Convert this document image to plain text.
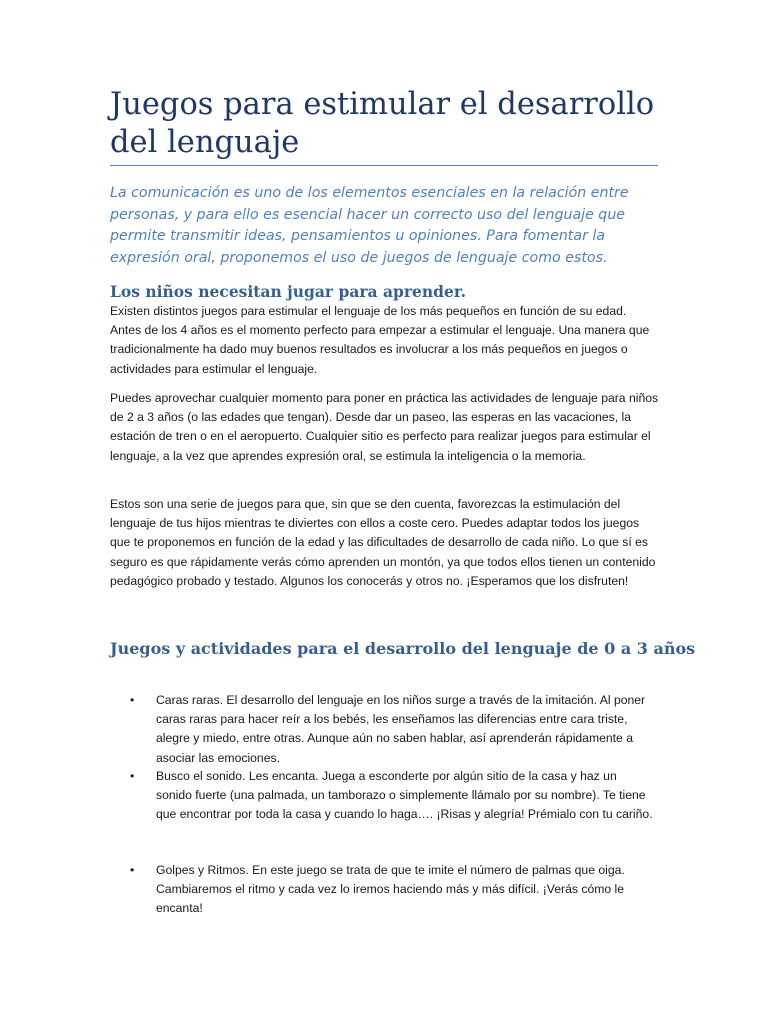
Juegos para estimular el desarrollo del lenguaje

La comunicación es uno de los elementos esenciales en la relación entre personas, y para ello es esencial hacer un correcto uso del lenguaje que permite transmitir ideas, pensamientos u opiniones. Para fomentar la expresión oral, proponemos el uso de juegos de lenguaje como estos.

Los niños necesitan jugar para aprender.

Existen distintos juegos para estimular el lenguaje de los más pequeños en función de su edad. Antes de los 4 años es el momento perfecto para empezar a estimular el lenguaje. Una manera que tradicionalmente ha dado muy buenos resultados es involucrar a los más pequeños en juegos o actividades para estimular el lenguaje.

Puedes aprovechar cualquier momento para poner en práctica las actividades de lenguaje para niños de 2 a 3 años (o las edades que tengan). Desde dar un paseo, las esperas en las vacaciones, la estación de tren o en el aeropuerto. Cualquier sitio es perfecto para realizar juegos para estimular el lenguaje, a la vez que aprendes expresión oral, se estimula la inteligencia o la memoria.

Estos son una serie de juegos para que, sin que se den cuenta, favorezcas la estimulación del lenguaje de tus hijos mientras te diviertes con ellos a coste cero. Puedes adaptar todos los juegos que te proponemos en función de la edad y las dificultades de desarrollo de cada niño. Lo que sí es seguro es que rápidamente verás cómo aprenden un montón, ya que todos ellos tienen un contenido pedagógico probado y testado. Algunos los conocerás y otros no. ¡Esperamos que los disfruten!

Juegos y actividades para el desarrollo del lenguaje de 0 a 3 años
• Caras raras. El desarrollo del lenguaje en los niños surge a través de la imitación. Al poner caras raras para hacer reír a los bebés, les enseñamos las diferencias entre cara triste, alegre y miedo, entre otras. Aunque aún no saben hablar, así aprenderán rápidamente a asociar las emociones.

• Busco el sonido. Les encanta. Juega a esconderte por algún sitio de la casa y haz un sonido fuerte (una palmada, un tamborazo o simplemente llámalo por su nombre). Te tiene que encontrar por toda la casa y cuando lo haga…. ¡Risas y alegría! Prémialo con tu cariño.

• Golpes y Ritmos. En este juego se trata de que te imite el número de palmas que oiga. Cambiaremos el ritmo y cada vez lo iremos haciendo más y más difícil. ¡Verás cómo le encanta!
